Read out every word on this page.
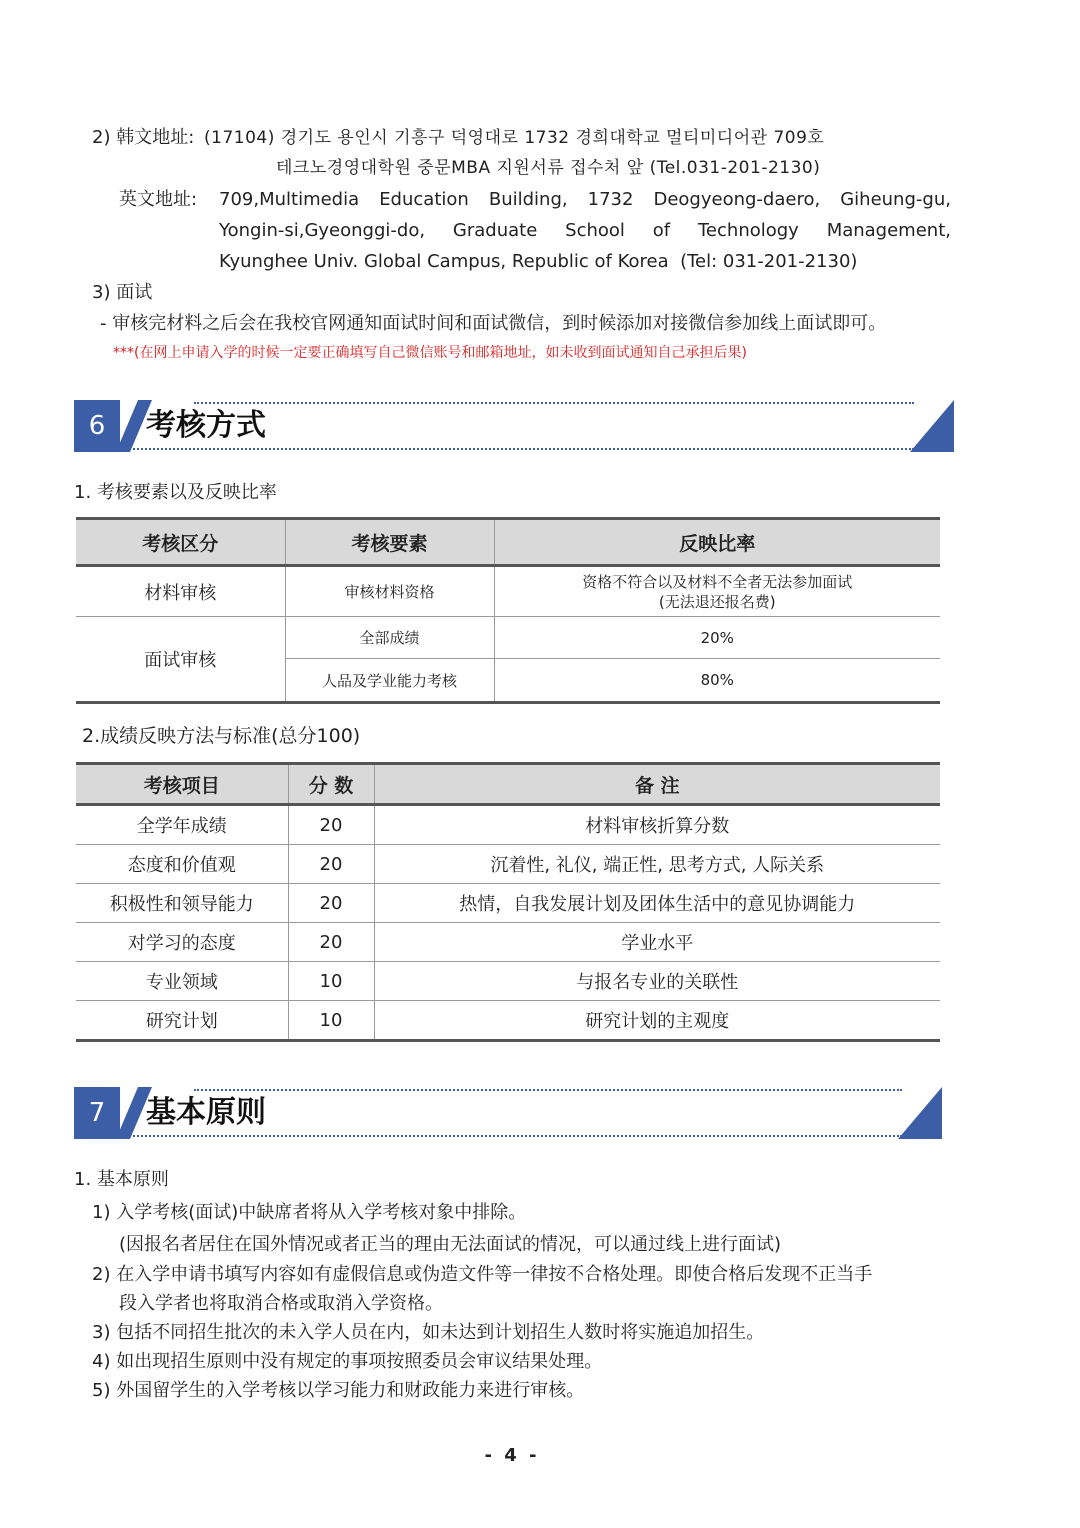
2) 韩文地址: (17104) 경기도 용인시 기흥구 덕영대로 1732 경희대학교 멀티미디어관 709호
테크노경영대학원 중문MBA 지원서류 접수처 앞 (Tel.031-201-2130)
英文地址: 709,Multimedia Education Building, 1732 Deogyeong-daero, Giheung-gu,
Yongin-si,Gyeonggi-do, Graduate School of Technology Management,
Kyunghee Univ. Global Campus, Republic of Korea  (Tel: 031-201-2130)
3) 面试
- 审核完材料之后会在我校官网通知面试时间和面试微信，到时候添加对接微信参加线上面试即可。
***(在网上申请入学的时候一定要正确填写自己微信账号和邮箱地址，如未收到面试通知自己承担后果)
6	考核方式
1. 考核要素以及反映比率
考核区分	考核要素	反映比率
材料审核	审核材料资格	资格不符合以及材料不全者无法参加面试
(无法退还报名费)

面试审核	全部成绩	20%
	人品及学业能力考核	80%
2.成绩反映方法与标准(总分100)
考核项目	分 数	备 注
全学年成绩	20	材料审核折算分数
态度和价值观	20	沉着性, 礼仪, 端正性, 思考方式, 人际关系
积极性和领导能力	20	热情，自我发展计划及团体生活中的意见协调能力
对学习的态度	20	学业水平
专业领域	10	与报名专业的关联性
研究计划	10	研究计划的主观度
7	基本原则
1. 基本原则
1) 入学考核(面试)中缺席者将从入学考核对象中排除。
(因报名者居住在国外情况或者正当的理由无法面试的情况，可以通过线上进行面试)
2) 在入学申请书填写内容如有虚假信息或伪造文件等一律按不合格处理。即使合格后发现不正当手
段入学者也将取消合格或取消入学资格。
3) 包括不同招生批次的未入学人员在内，如未达到计划招生人数时将实施追加招生。
4) 如出现招生原则中没有规定的事项按照委员会审议结果处理。
5) 外国留学生的入学考核以学习能力和财政能力来进行审核。
- 4 -
